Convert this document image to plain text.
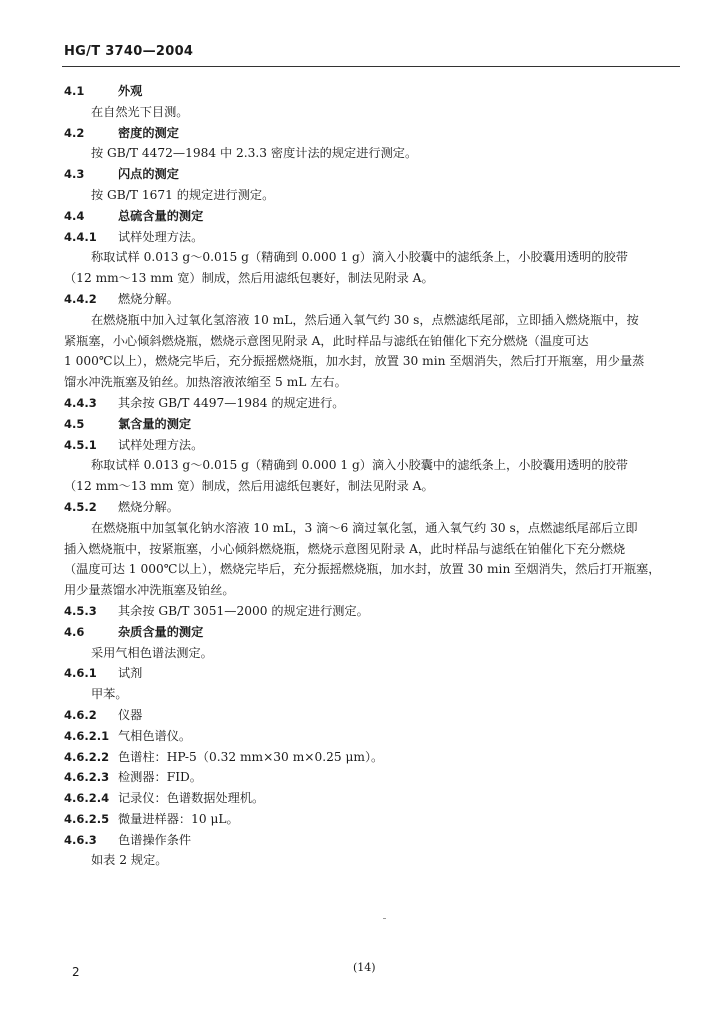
HG/T 3740—2004
4.1	外观
在自然光下目测。
4.2	密度的测定
按 GB/T 4472—1984 中 2.3.3 密度计法的规定进行测定。
4.3	闪点的测定
按 GB/T 1671 的规定进行测定。
4.4	总硫含量的测定
4.4.1 试样处理方法。
称取试样 0.013 g～0.015 g（精确到 0.000 1 g）滴入小胶囊中的滤纸条上，小胶囊用透明的胶带
（12 mm～13 mm 宽）制成，然后用滤纸包裹好，制法见附录 A。
4.4.2 燃烧分解。
在燃烧瓶中加入过氧化氢溶液 10 mL，然后通入氧气约 30 s，点燃滤纸尾部，立即插入燃烧瓶中，按
紧瓶塞，小心倾斜燃烧瓶，燃烧示意图见附录 A，此时样品与滤纸在铂催化下充分燃烧（温度可达
1 000℃以上），燃烧完毕后，充分振摇燃烧瓶，加水封，放置 30 min 至烟消失，然后打开瓶塞，用少量蒸
馏水冲洗瓶塞及铂丝。加热溶液浓缩至 5 mL 左右。
4.4.3 其余按 GB/T 4497—1984 的规定进行。
4.5	氯含量的测定
4.5.1 试样处理方法。
称取试样 0.013 g～0.015 g（精确到 0.000 1 g）滴入小胶囊中的滤纸条上，小胶囊用透明的胶带
（12 mm～13 mm 宽）制成，然后用滤纸包裹好，制法见附录 A。
4.5.2 燃烧分解。
在燃烧瓶中加氢氧化钠水溶液 10 mL，3 滴～6 滴过氧化氢，通入氧气约 30 s，点燃滤纸尾部后立即
插入燃烧瓶中，按紧瓶塞，小心倾斜燃烧瓶，燃烧示意图见附录 A，此时样品与滤纸在铂催化下充分燃烧
（温度可达 1 000℃以上），燃烧完毕后，充分振摇燃烧瓶，加水封，放置 30 min 至烟消失，然后打开瓶塞，
用少量蒸馏水冲洗瓶塞及铂丝。
4.5.3 其余按 GB/T 3051—2000 的规定进行测定。
4.6	杂质含量的测定
采用气相色谱法测定。
4.6.1 试剂
甲苯。
4.6.2 仪器
4.6.2.1 气相色谱仪。
4.6.2.2 色谱柱：HP-5（0.32 mm×30 m×0.25 μm）。
4.6.2.3 检测器：FID。
4.6.2.4 记录仪：色谱数据处理机。
4.6.2.5 微量进样器：10 μL。
4.6.3 色谱操作条件
如表 2 规定。
2	(14)
